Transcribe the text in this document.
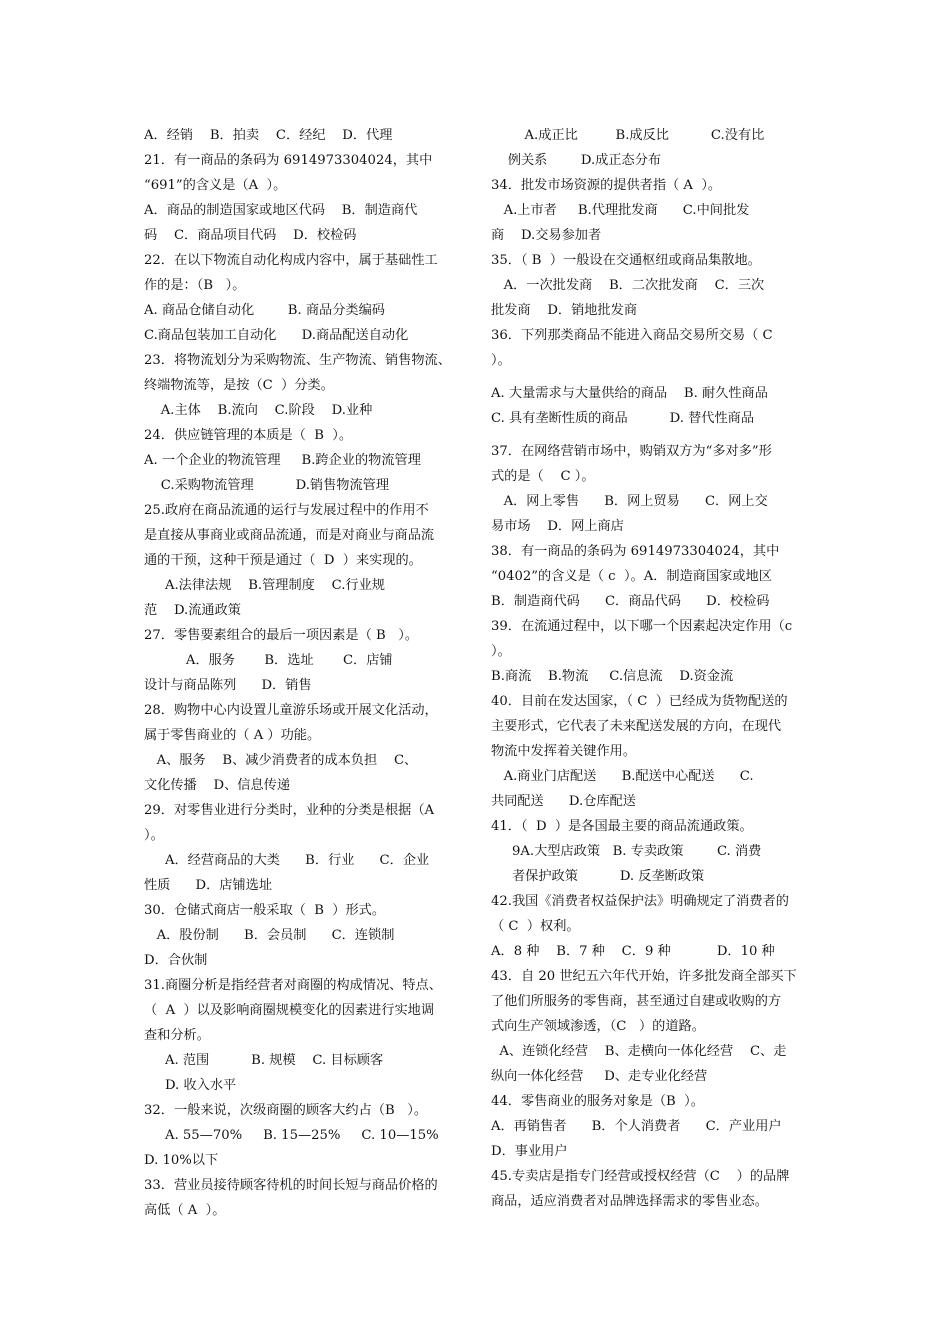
A．经销    B．拍卖    C．经纪    D．代理
21．有一商品的条码为 6914973304024，其中
“691”的含义是（A  ）。
A．商品的制造国家或地区代码    B．制造商代
码    C．商品项目代码    D．校检码
22．在以下物流自动化构成内容中，属于基础性工
作的是：（B   ）。
A. 商品仓储自动化        B. 商品分类编码
C.商品包装加工自动化      D.商品配送自动化
23．将物流划分为采购物流、生产物流、销售物流、
终端物流等，是按（C  ）分类。
A.主体    B.流向    C.阶段    D.业种
24．供应链管理的本质是（  B  ）。
A. 一个企业的物流管理     B.跨企业的物流管理
C.采购物流管理          D.销售物流管理
25.政府在商品流通的运行与发展过程中的作用不
是直接从事商业或商品流通，而是对商业与商品流
通的干预，这种干预是通过（  D  ）来实现的。
A.法律法规    B.管理制度    C.行业规
范    D.流通政策
27．零售要素组合的最后一项因素是（ B   ）。
A．服务       B．选址       C．店铺
设计与商品陈列      D．销售
28．购物中心内设置儿童游乐场或开展文化活动，
属于零售商业的（ A ）功能。
A、服务    B、减少消费者的成本负担    C、
文化传播    D、信息传递
29．对零售业进行分类时，业种的分类是根据（A
）。
A．经营商品的大类      B．行业      C．企业
性质      D．店铺选址
30．仓储式商店一般采取（  B  ）形式。
A．股份制      B．会员制      C．连锁制
D．合伙制
31.商圈分析是指经营者对商圈的构成情况、特点、
（  A  ）以及影响商圈规模变化的因素进行实地调
查和分析。
A. 范围          B. 规模    C. 目标顾客
D. 收入水平
32．一般来说，次级商圈的顾客大约占（B   ）。
A. 55—70%     B. 15—25%     C. 10—15%
D. 10%以下
33．营业员接待顾客待机的时间长短与商品价格的
高低（ A  ）。
A.成正比         B.成反比          C.没有比
例关系        D.成正态分布
34．批发市场资源的提供者指（ A  ）。
A.上市者     B.代理批发商      C.中间批发
商    D.交易参加者
35．（ B  ）一般设在交通枢纽或商品集散地。
A．一次批发商    B．二次批发商    C．三次
批发商    D．销地批发商
36．下列那类商品不能进入商品交易所交易（ C
）。
A. 大量需求与大量供给的商品    B. 耐久性商品
C. 具有垄断性质的商品          D. 替代性商品
37．在网络营销市场中，购销双方为“多对多”形
式的是（    C ）。
A．网上零售      B．网上贸易      C．网上交
易市场    D．网上商店
38．有一商品的条码为 6914973304024，其中
“0402”的含义是（ c  ）。A．制造商国家或地区
B．制造商代码      C．商品代码      D．校检码
39．在流通过程中，以下哪一个因素起决定作用（c
）。
B.商流    B.物流     C.信息流    D.资金流
40．目前在发达国家，（ C  ）已经成为货物配送的
主要形式，它代表了未来配送发展的方向，在现代
物流中发挥着关键作用。
A.商业门店配送      B.配送中心配送      C.
共同配送      D.仓库配送
41．（  D  ）是各国最主要的商品流通政策。
9A.大型店政策   B. 专卖政策        C. 消费
者保护政策          D. 反垄断政策
42.我国《消费者权益保护法》明确规定了消费者的
（ C  ）权利。
A．8 种    B．7 种    C．9 种           D．10 种
43．自 20 世纪五六年代开始，许多批发商全部买下
了他们所服务的零售商，甚至通过自建或收购的方
式向生产领域渗透，（C   ）的道路。
A、连锁化经营    B、走横向一体化经营    C、走
纵向一体化经营     D、走专业化经营
44．零售商业的服务对象是（B  ）。
A．再销售者      B．个人消费者      C．产业用户
D．事业用户
45.专卖店是指专门经营或授权经营（C    ）的品牌
商品，适应消费者对品牌选择需求的零售业态。
